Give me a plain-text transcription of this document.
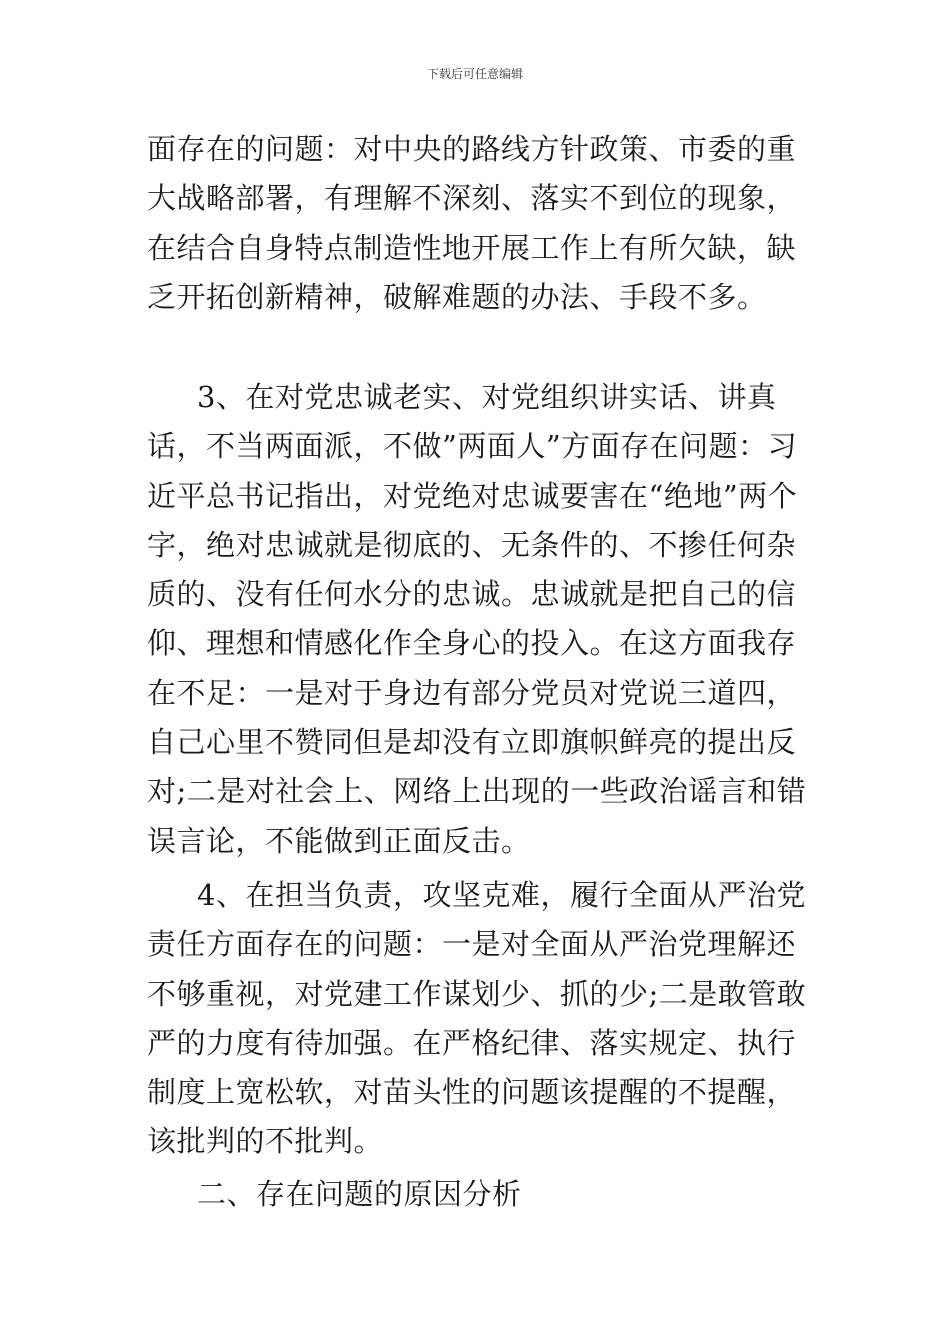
下载后可任意编辑

面存在的问题：对中央的路线方针政策、市委的重大战略部署，有理解不深刻、落实不到位的现象，在结合自身特点制造性地开展工作上有所欠缺，缺乏开拓创新精神，破解难题的办法、手段不多。

3、在对党忠诚老实、对党组织讲实话、讲真话，不当两面派，不做”两面人”方面存在问题：习近平总书记指出，对党绝对忠诚要害在“绝地”两个字，绝对忠诚就是彻底的、无条件的、不掺任何杂质的、没有任何水分的忠诚。忠诚就是把自己的信仰、理想和情感化作全身心的投入。在这方面我存在不足：一是对于身边有部分党员对党说三道四，自己心里不赞同但是却没有立即旗帜鲜亮的提出反对;二是对社会上、网络上出现的一些政治谣言和错误言论，不能做到正面反击。

4、在担当负责，攻坚克难，履行全面从严治党责任方面存在的问题：一是对全面从严治党理解还不够重视，对党建工作谋划少、抓的少;二是敢管敢严的力度有待加强。在严格纪律、落实规定、执行制度上宽松软，对苗头性的问题该提醒的不提醒，该批判的不批判。

二、存在问题的原因分析
